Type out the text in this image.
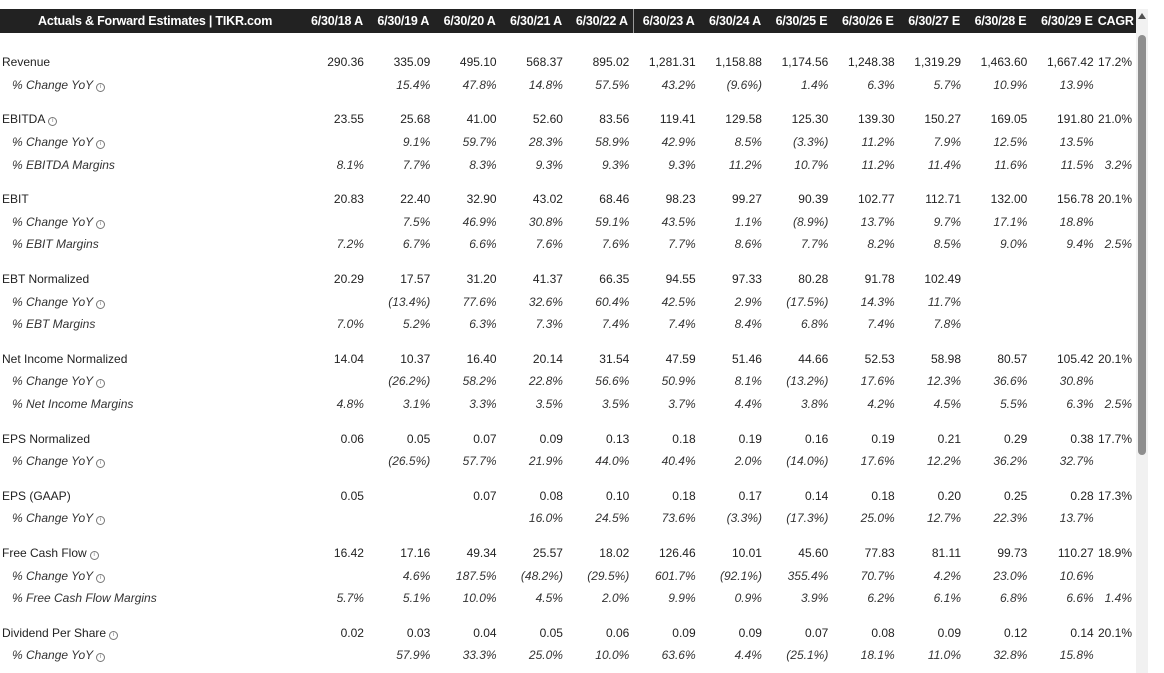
Actuals & Forward Estimates | TIKR.com	6/30/18 A	6/30/19 A	6/30/20 A	6/30/21 A	6/30/22 A	6/30/23 A	6/30/24 A	6/30/25 E	6/30/26 E	6/30/27 E	6/30/28 E	6/30/29 E	CAGR

Revenue	290.36	335.09	495.10	568.37	895.02	1,281.31	1,158.88	1,174.56	1,248.38	1,319.29	1,463.60	1,667.42	17.2%
% Change YoY i		15.4%	47.8%	14.8%	57.5%	43.2%	(9.6%)	1.4%	6.3%	5.7%	10.9%	13.9%	

EBITDA i	23.55	25.68	41.00	52.60	83.56	119.41	129.58	125.30	139.30	150.27	169.05	191.80	21.0%
% Change YoY i		9.1%	59.7%	28.3%	58.9%	42.9%	8.5%	(3.3%)	11.2%	7.9%	12.5%	13.5%	
% EBITDA Margins	8.1%	7.7%	8.3%	9.3%	9.3%	9.3%	11.2%	10.7%	11.2%	11.4%	11.6%	11.5%	3.2%

EBIT	20.83	22.40	32.90	43.02	68.46	98.23	99.27	90.39	102.77	112.71	132.00	156.78	20.1%
% Change YoY i		7.5%	46.9%	30.8%	59.1%	43.5%	1.1%	(8.9%)	13.7%	9.7%	17.1%	18.8%	
% EBIT Margins	7.2%	6.7%	6.6%	7.6%	7.6%	7.7%	8.6%	7.7%	8.2%	8.5%	9.0%	9.4%	2.5%

EBT Normalized	20.29	17.57	31.20	41.37	66.35	94.55	97.33	80.28	91.78	102.49			
% Change YoY i		(13.4%)	77.6%	32.6%	60.4%	42.5%	2.9%	(17.5%)	14.3%	11.7%			
% EBT Margins	7.0%	5.2%	6.3%	7.3%	7.4%	7.4%	8.4%	6.8%	7.4%	7.8%			

Net Income Normalized	14.04	10.37	16.40	20.14	31.54	47.59	51.46	44.66	52.53	58.98	80.57	105.42	20.1%
% Change YoY i		(26.2%)	58.2%	22.8%	56.6%	50.9%	8.1%	(13.2%)	17.6%	12.3%	36.6%	30.8%	
% Net Income Margins	4.8%	3.1%	3.3%	3.5%	3.5%	3.7%	4.4%	3.8%	4.2%	4.5%	5.5%	6.3%	2.5%

EPS Normalized	0.06	0.05	0.07	0.09	0.13	0.18	0.19	0.16	0.19	0.21	0.29	0.38	17.7%
% Change YoY i		(26.5%)	57.7%	21.9%	44.0%	40.4%	2.0%	(14.0%)	17.6%	12.2%	36.2%	32.7%	

EPS (GAAP)	0.05		0.07	0.08	0.10	0.18	0.17	0.14	0.18	0.20	0.25	0.28	17.3%
% Change YoY i				16.0%	24.5%	73.6%	(3.3%)	(17.3%)	25.0%	12.7%	22.3%	13.7%	

Free Cash Flow i	16.42	17.16	49.34	25.57	18.02	126.46	10.01	45.60	77.83	81.11	99.73	110.27	18.9%
% Change YoY i		4.6%	187.5%	(48.2%)	(29.5%)	601.7%	(92.1%)	355.4%	70.7%	4.2%	23.0%	10.6%	
% Free Cash Flow Margins	5.7%	5.1%	10.0%	4.5%	2.0%	9.9%	0.9%	3.9%	6.2%	6.1%	6.8%	6.6%	1.4%

Dividend Per Share i	0.02	0.03	0.04	0.05	0.06	0.09	0.09	0.07	0.08	0.09	0.12	0.14	20.1%
% Change YoY i		57.9%	33.3%	25.0%	10.0%	63.6%	4.4%	(25.1%)	18.1%	11.0%	32.8%	15.8%	
